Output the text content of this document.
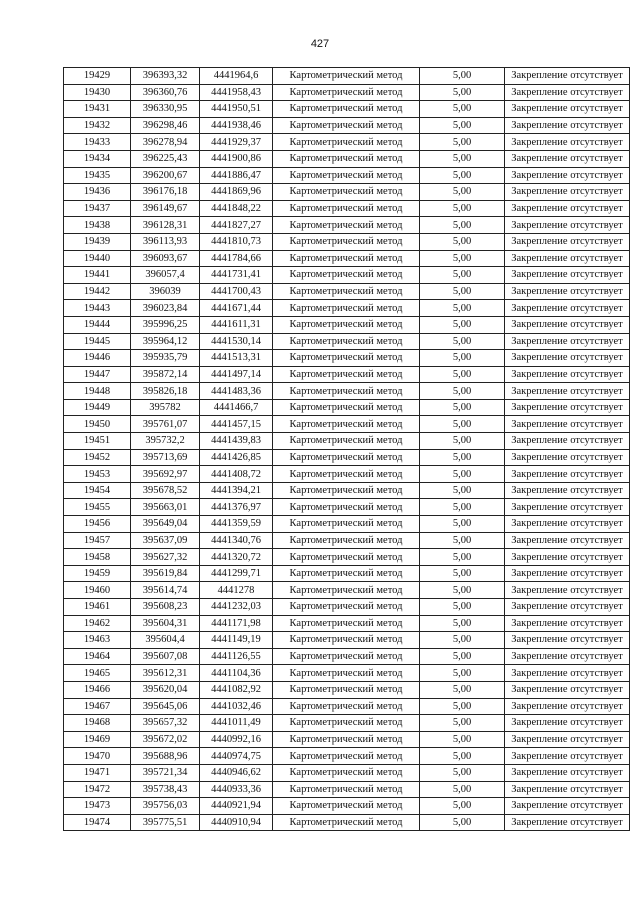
427
19429	396393,32	4441964,6	Картометрический метод	5,00	Закрепление отсутствует
19430	396360,76	4441958,43	Картометрический метод	5,00	Закрепление отсутствует
19431	396330,95	4441950,51	Картометрический метод	5,00	Закрепление отсутствует
19432	396298,46	4441938,46	Картометрический метод	5,00	Закрепление отсутствует
19433	396278,94	4441929,37	Картометрический метод	5,00	Закрепление отсутствует
19434	396225,43	4441900,86	Картометрический метод	5,00	Закрепление отсутствует
19435	396200,67	4441886,47	Картометрический метод	5,00	Закрепление отсутствует
19436	396176,18	4441869,96	Картометрический метод	5,00	Закрепление отсутствует
19437	396149,67	4441848,22	Картометрический метод	5,00	Закрепление отсутствует
19438	396128,31	4441827,27	Картометрический метод	5,00	Закрепление отсутствует
19439	396113,93	4441810,73	Картометрический метод	5,00	Закрепление отсутствует
19440	396093,67	4441784,66	Картометрический метод	5,00	Закрепление отсутствует
19441	396057,4	4441731,41	Картометрический метод	5,00	Закрепление отсутствует
19442	396039	4441700,43	Картометрический метод	5,00	Закрепление отсутствует
19443	396023,84	4441671,44	Картометрический метод	5,00	Закрепление отсутствует
19444	395996,25	4441611,31	Картометрический метод	5,00	Закрепление отсутствует
19445	395964,12	4441530,14	Картометрический метод	5,00	Закрепление отсутствует
19446	395935,79	4441513,31	Картометрический метод	5,00	Закрепление отсутствует
19447	395872,14	4441497,14	Картометрический метод	5,00	Закрепление отсутствует
19448	395826,18	4441483,36	Картометрический метод	5,00	Закрепление отсутствует
19449	395782	4441466,7	Картометрический метод	5,00	Закрепление отсутствует
19450	395761,07	4441457,15	Картометрический метод	5,00	Закрепление отсутствует
19451	395732,2	4441439,83	Картометрический метод	5,00	Закрепление отсутствует
19452	395713,69	4441426,85	Картометрический метод	5,00	Закрепление отсутствует
19453	395692,97	4441408,72	Картометрический метод	5,00	Закрепление отсутствует
19454	395678,52	4441394,21	Картометрический метод	5,00	Закрепление отсутствует
19455	395663,01	4441376,97	Картометрический метод	5,00	Закрепление отсутствует
19456	395649,04	4441359,59	Картометрический метод	5,00	Закрепление отсутствует
19457	395637,09	4441340,76	Картометрический метод	5,00	Закрепление отсутствует
19458	395627,32	4441320,72	Картометрический метод	5,00	Закрепление отсутствует
19459	395619,84	4441299,71	Картометрический метод	5,00	Закрепление отсутствует
19460	395614,74	4441278	Картометрический метод	5,00	Закрепление отсутствует
19461	395608,23	4441232,03	Картометрический метод	5,00	Закрепление отсутствует
19462	395604,31	4441171,98	Картометрический метод	5,00	Закрепление отсутствует
19463	395604,4	4441149,19	Картометрический метод	5,00	Закрепление отсутствует
19464	395607,08	4441126,55	Картометрический метод	5,00	Закрепление отсутствует
19465	395612,31	4441104,36	Картометрический метод	5,00	Закрепление отсутствует
19466	395620,04	4441082,92	Картометрический метод	5,00	Закрепление отсутствует
19467	395645,06	4441032,46	Картометрический метод	5,00	Закрепление отсутствует
19468	395657,32	4441011,49	Картометрический метод	5,00	Закрепление отсутствует
19469	395672,02	4440992,16	Картометрический метод	5,00	Закрепление отсутствует
19470	395688,96	4440974,75	Картометрический метод	5,00	Закрепление отсутствует
19471	395721,34	4440946,62	Картометрический метод	5,00	Закрепление отсутствует
19472	395738,43	4440933,36	Картометрический метод	5,00	Закрепление отсутствует
19473	395756,03	4440921,94	Картометрический метод	5,00	Закрепление отсутствует
19474	395775,51	4440910,94	Картометрический метод	5,00	Закрепление отсутствует
